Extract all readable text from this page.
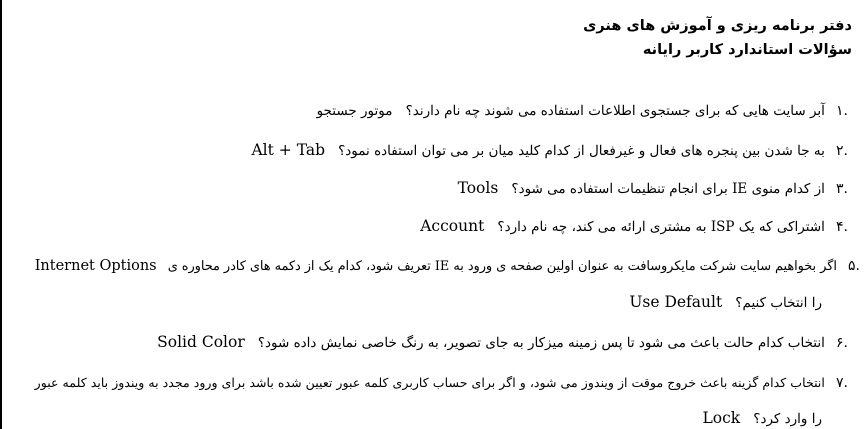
دفتر برنامه ریزی و آموزش های هنری
سؤالات استاندارد کاربر رایانه
.۱ آبر سایت هایی که برای جستجوی اطلاعات استفاده می شوند چه نام دارند؟ موتور جستجو
.۲ به جا شدن بین پنجره های فعال و غیرفعال از کدام کلید میان بر می توان استفاده نمود؟ Alt + Tab
.۳ از کدام منوی IE برای انجام تنظیمات استفاده می شود؟ Tools
.۴ اشتراکی که یک ISP به مشتری ارائه می کند، چه نام دارد؟ Account
.۵ اگر بخواهیم سایت شرکت مایکروسافت به عنوان اولین صفحه ی ورود به IE تعریف شود، کدام یک از دکمه های کادر محاوره ی Internet Options
را انتخاب کنیم؟ Use Default
.۶ انتخاب کدام حالت باعث می شود تا پس زمینه میزکار به جای تصویر، به رنگ خاصی نمایش داده شود؟ Solid Color
.۷ انتخاب کدام گزینه باعث خروج موقت از ویندوز می شود، و اگر برای حساب کاربری کلمه عبور تعیین شده باشد برای ورود مجدد به ویندوز باید کلمه عبور
را وارد کرد؟ Lock
